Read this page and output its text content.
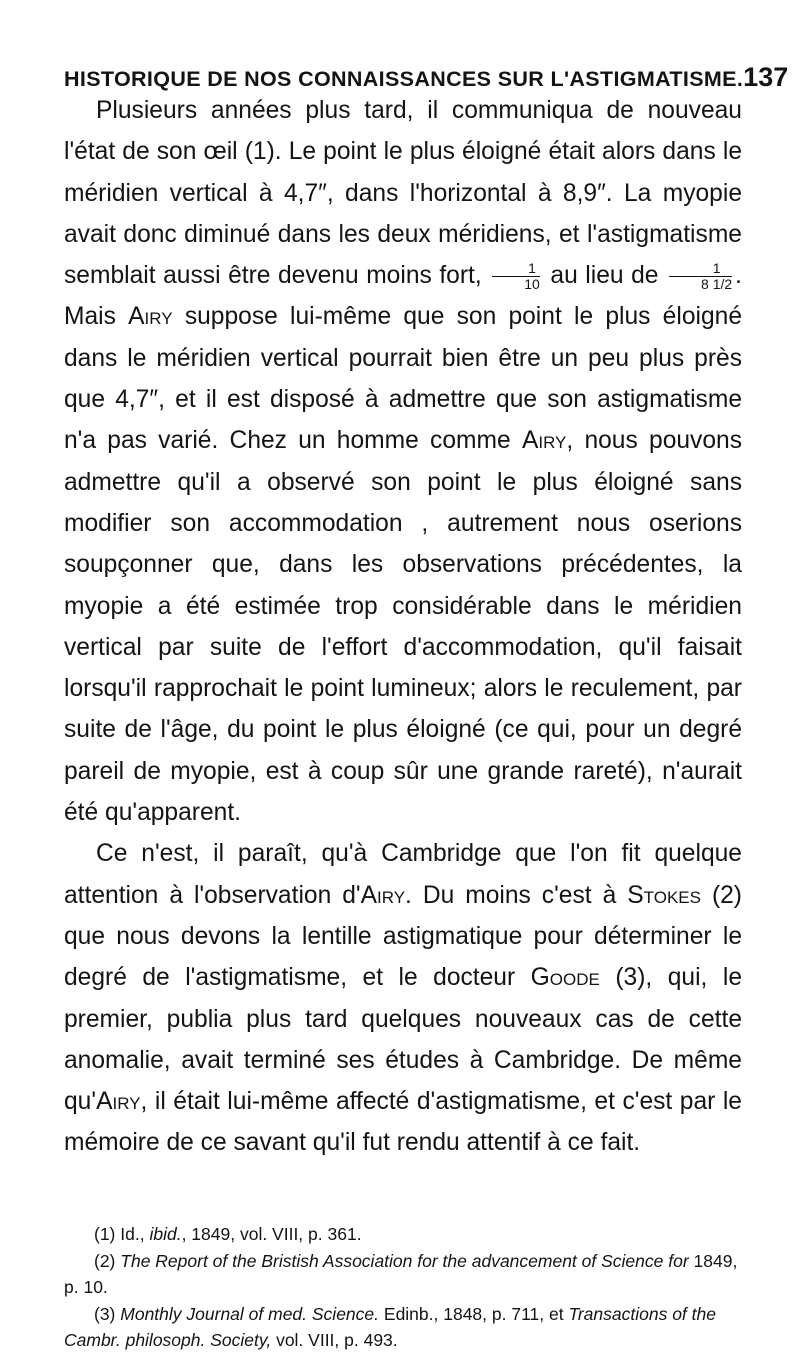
HISTORIQUE DE NOS CONNAISSANCES SUR L'ASTIGMATISME. 137

Plusieurs années plus tard, il communiqua de nouveau l'état de son œil (1). Le point le plus éloigné était alors dans le méridien vertical à 4,7″, dans l'horizontal à 8,9″. La myopie avait donc diminué dans les deux méridiens, et l'astigmatisme semblait aussi être devenu moins fort, $\frac{1}{10}$ au lieu de $\frac{1}{8 1/2}$ . Mais Airy suppose lui-même que son point le plus éloigné dans le méridien vertical pourrait bien être un peu plus près que 4,7″, et il est disposé à admettre que son astigmatisme n'a pas varié. Chez un homme comme Airy, nous pouvons admettre qu'il a observé son point le plus éloigné sans modifier son accommodation , autrement nous oserions soupçonner que, dans les observations précédentes, la myopie a été estimée trop considérable dans le méridien vertical par suite de l'effort d'accommodation, qu'il faisait lorsqu'il rapprochait le point lumineux; alors le reculement, par suite de l'âge, du point le plus éloigné (ce qui, pour un degré pareil de myopie, est à coup sûr une grande rareté), n'aurait été qu'apparent.

Ce n'est, il paraît, qu'à Cambridge que l'on fit quelque attention à l'observation d'Airy. Du moins c'est à Stokes (2) que nous devons la lentille astigmatique pour déterminer le degré de l'astigmatisme, et le docteur Goode (3), qui, le premier, publia plus tard quelques nouveaux cas de cette anomalie, avait terminé ses études à Cambridge. De même qu'Airy, il était lui-même affecté d'astigmatisme, et c'est par le mémoire de ce savant qu'il fut rendu attentif à ce fait.

(1) Id., ibid., 1849, vol. VIII, p. 361.

(2) The Report of the Bristish Association for the advancement of Science for 1849, p. 10.

(3) Monthly Journal of med. Science. Edinb., 1848, p. 711, et Transactions of the Cambr. philosoph. Society, vol. VIII, p. 493.
